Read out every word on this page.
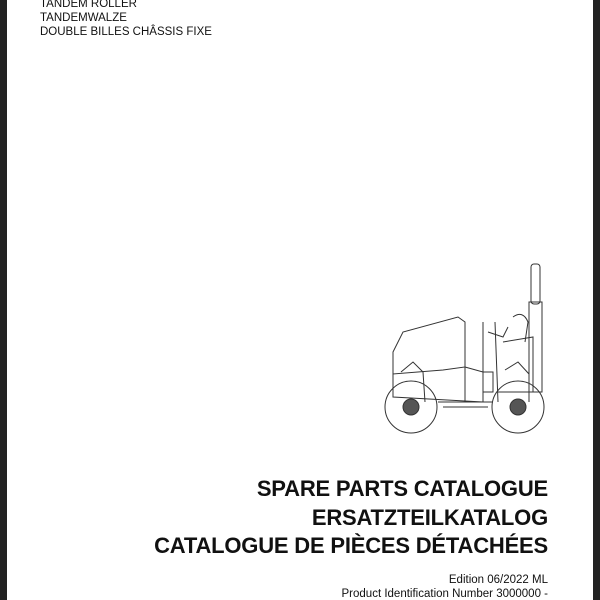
TANDEM ROLLER
TANDEMWALZE
DOUBLE BILLES CHÂSSIS FIXE
SPARE PARTS CATALOGUE
ERSATZTEILKATALOG
CATALOGUE DE PIÈCES DÉTACHÉES
Edition 06/2022 ML
Product Identification Number 3000000 -
